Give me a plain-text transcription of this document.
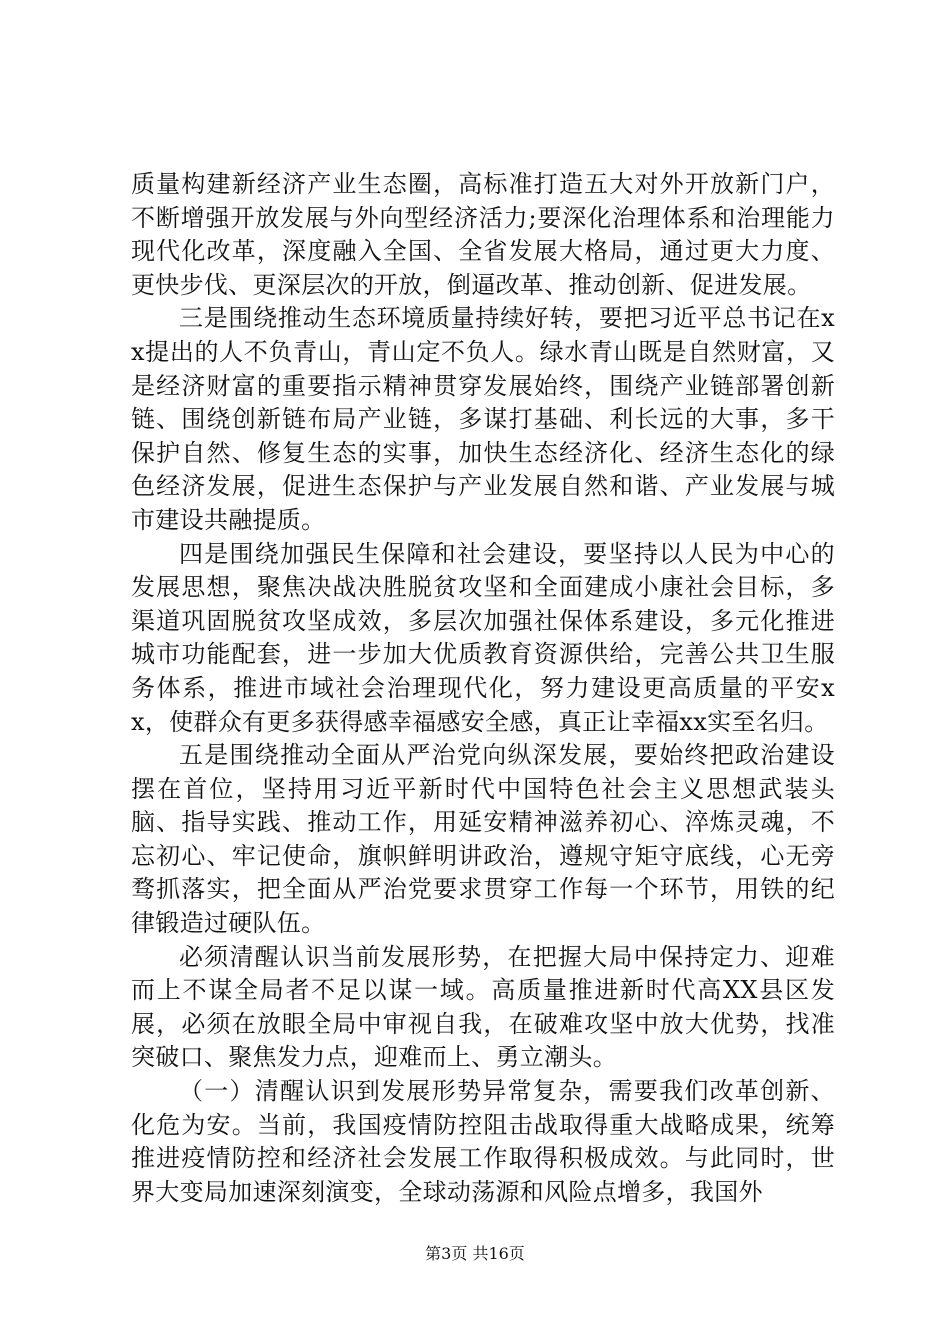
质量构建新经济产业生态圈，高标准打造五大对外开放新门户，不断增强开放发展与外向型经济活力;要深化治理体系和治理能力现代化改革，深度融入全国、全省发展大格局，通过更大力度、更快步伐、更深层次的开放，倒逼改革、推动创新、促进发展。

三是围绕推动生态环境质量持续好转，要把习近平总书记在xx提出的人不负青山，青山定不负人。绿水青山既是自然财富，又是经济财富的重要指示精神贯穿发展始终，围绕产业链部署创新链、围绕创新链布局产业链，多谋打基础、利长远的大事，多干保护自然、修复生态的实事，加快生态经济化、经济生态化的绿色经济发展，促进生态保护与产业发展自然和谐、产业发展与城市建设共融提质。

四是围绕加强民生保障和社会建设，要坚持以人民为中心的发展思想，聚焦决战决胜脱贫攻坚和全面建成小康社会目标，多渠道巩固脱贫攻坚成效，多层次加强社保体系建设，多元化推进城市功能配套，进一步加大优质教育资源供给，完善公共卫生服务体系，推进市域社会治理现代化，努力建设更高质量的平安xx，使群众有更多获得感幸福感安全感，真正让幸福xx实至名归。

五是围绕推动全面从严治党向纵深发展，要始终把政治建设摆在首位，坚持用习近平新时代中国特色社会主义思想武装头脑、指导实践、推动工作，用延安精神滋养初心、淬炼灵魂，不忘初心、牢记使命，旗帜鲜明讲政治，遵规守矩守底线，心无旁骛抓落实，把全面从严治党要求贯穿工作每一个环节，用铁的纪律锻造过硬队伍。

必须清醒认识当前发展形势，在把握大局中保持定力、迎难而上不谋全局者不足以谋一域。高质量推进新时代高XX县区发展，必须在放眼全局中审视自我，在破难攻坚中放大优势，找准突破口、聚焦发力点，迎难而上、勇立潮头。

（一）清醒认识到发展形势异常复杂，需要我们改革创新、化危为安。当前，我国疫情防控阻击战取得重大战略成果，统筹推进疫情防控和经济社会发展工作取得积极成效。与此同时，世界大变局加速深刻演变，全球动荡源和风险点增多，我国外

第3页 共16页
